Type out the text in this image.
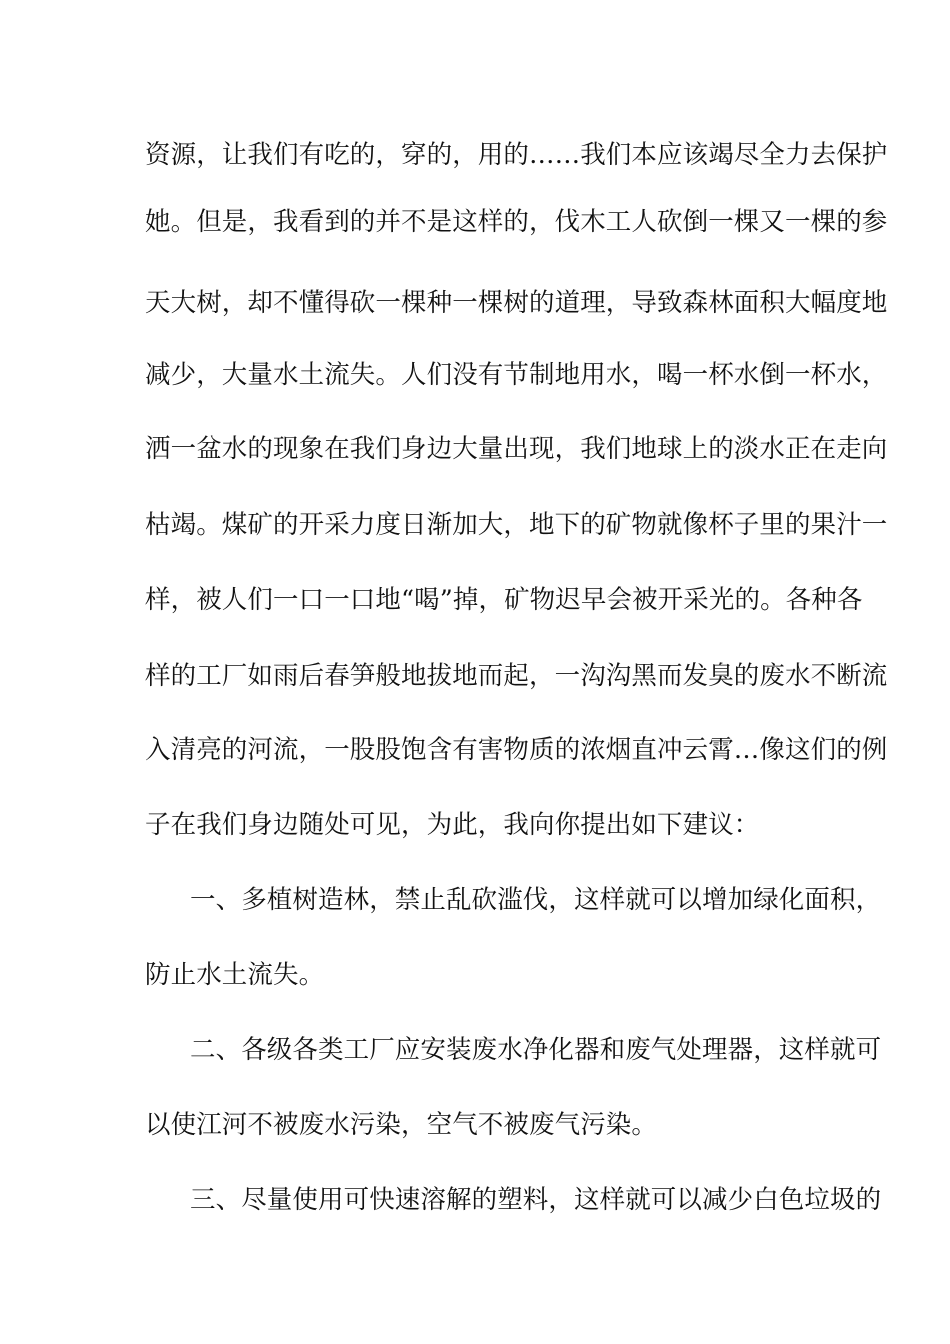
资源，让我们有吃的，穿的，用的……我们本应该竭尽全力去保护
她。但是，我看到的并不是这样的，伐木工人砍倒一棵又一棵的参
天大树，却不懂得砍一棵种一棵树的道理，导致森林面积大幅度地
减少，大量水土流失。人们没有节制地用水，喝一杯水倒一杯水，
洒一盆水的现象在我们身边大量出现，我们地球上的淡水正在走向
枯竭。煤矿的开采力度日渐加大，地下的矿物就像杯子里的果汁一
样，被人们一口一口地“喝”掉，矿物迟早会被开采光的。各种各
样的工厂如雨后春笋般地拔地而起，一沟沟黑而发臭的废水不断流
入清亮的河流，一股股饱含有害物质的浓烟直冲云霄…像这们的例
子在我们身边随处可见，为此，我向你提出如下建议：
一、多植树造林，禁止乱砍滥伐，这样就可以增加绿化面积，
防止水土流失。
二、各级各类工厂应安装废水净化器和废气处理器，这样就可
以使江河不被废水污染，空气不被废气污染。
三、尽量使用可快速溶解的塑料，这样就可以减少白色垃圾的
